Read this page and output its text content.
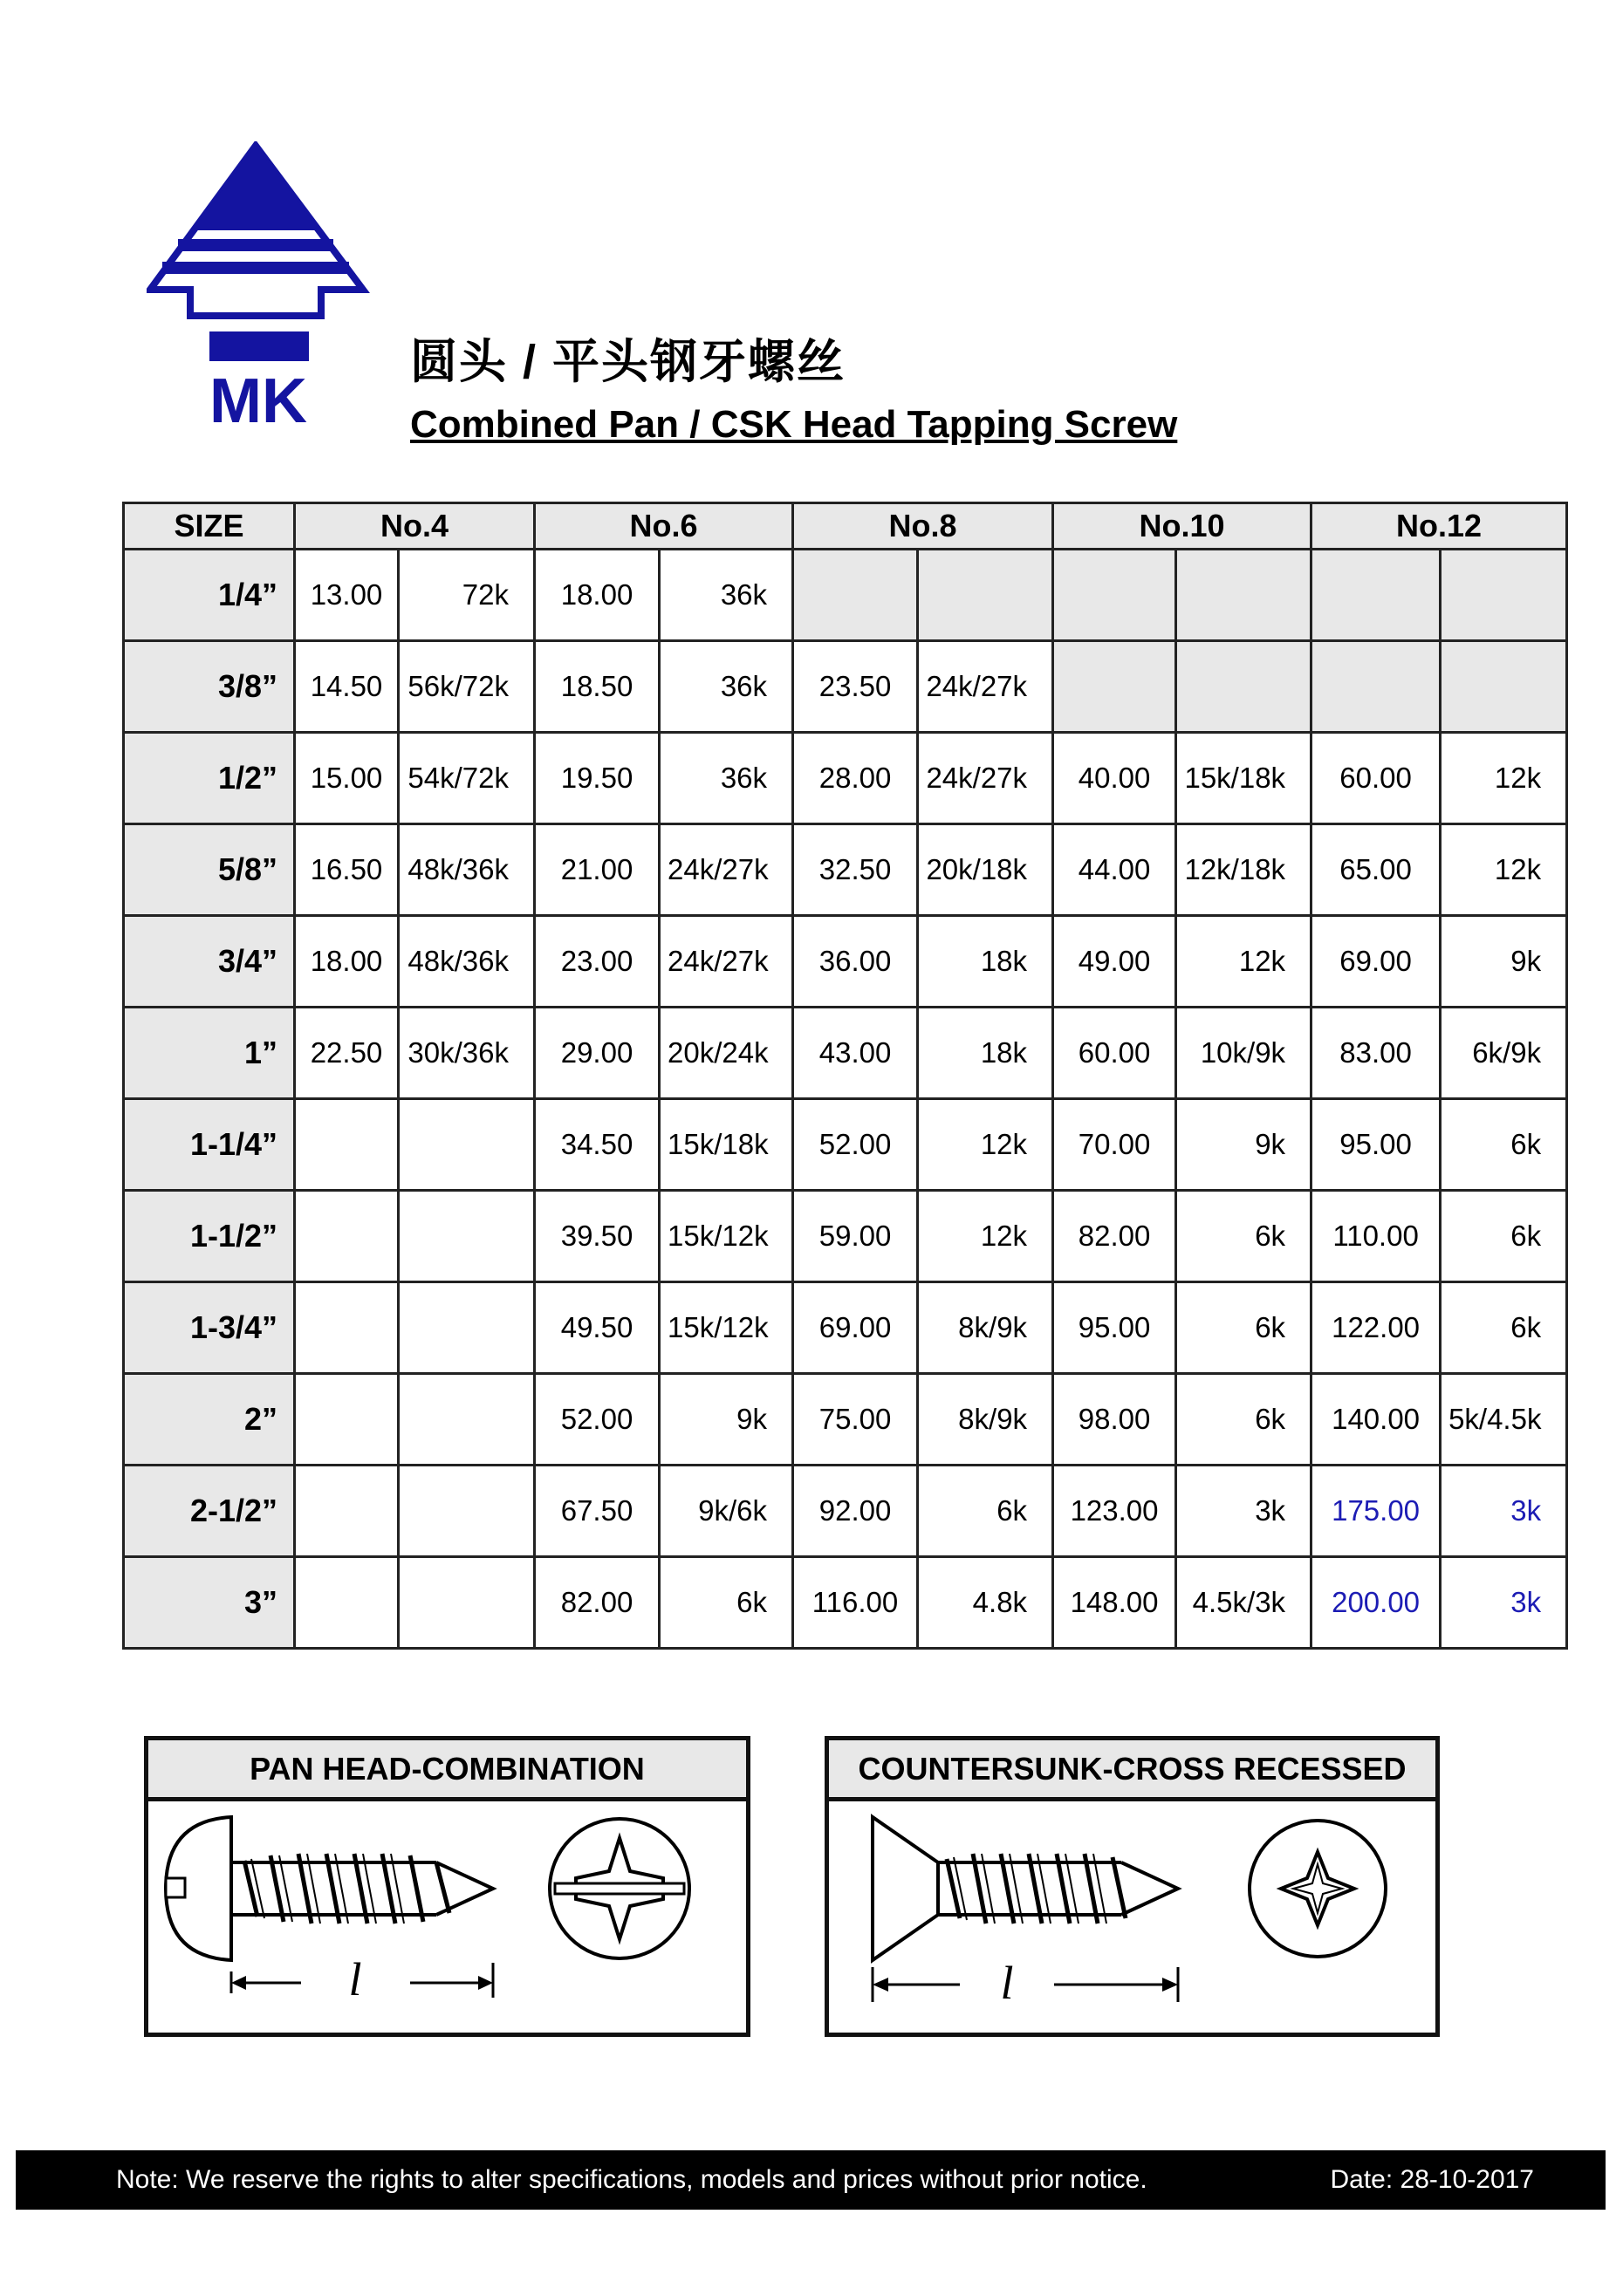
MK
圆头 / 平头钢牙螺丝
Combined Pan / CSK Head Tapping Screw
SIZE	No.4		No.6		No.8		No.10		No.12	
1/4”	13.00	72k	18.00	36k						
3/8”	14.50	56k/72k	18.50	36k	23.50	24k/27k				
1/2”	15.00	54k/72k	19.50	36k	28.00	24k/27k	40.00	15k/18k	60.00	12k
5/8”	16.50	48k/36k	21.00	24k/27k	32.50	20k/18k	44.00	12k/18k	65.00	12k
3/4”	18.00	48k/36k	23.00	24k/27k	36.00	18k	49.00	12k	69.00	9k
1”	22.50	30k/36k	29.00	20k/24k	43.00	18k	60.00	10k/9k	83.00	6k/9k
1-1/4”			34.50	15k/18k	52.00	12k	70.00	9k	95.00	6k
1-1/2”			39.50	15k/12k	59.00	12k	82.00	6k	110.00	6k
1-3/4”			49.50	15k/12k	69.00	8k/9k	95.00	6k	122.00	6k
2”			52.00	9k	75.00	8k/9k	98.00	6k	140.00	5k/4.5k
2-1/2”			67.50	9k/6k	92.00	6k	123.00	3k	175.00	3k
3”			82.00	6k	116.00	4.8k	148.00	4.5k/3k	200.00	3k
PAN HEAD-COMBINATION
l
COUNTERSUNK-CROSS RECESSED
l
Note: We reserve the rights to alter specifications, models and prices without prior notice.	Date: 28-10-2017
